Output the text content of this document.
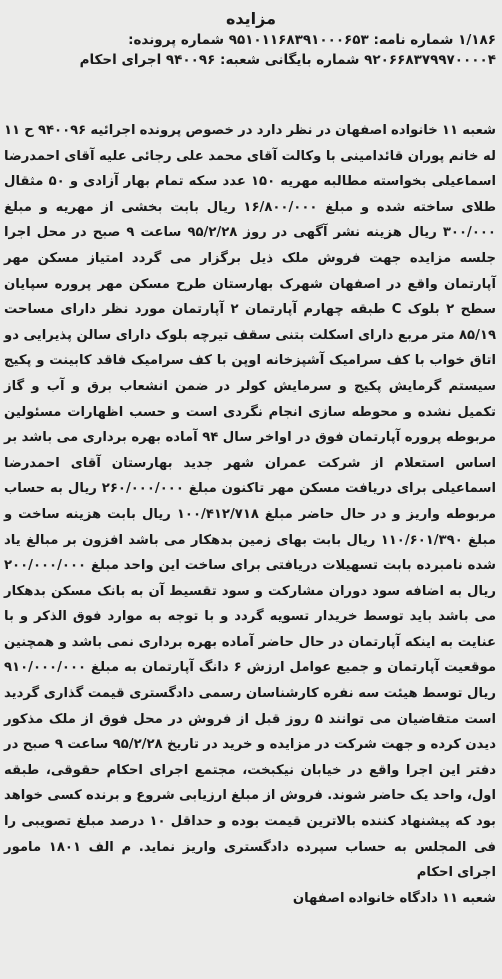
مزایده
۱/۱۸۶ شماره نامه: ۹۵۱۰۱۱۶۸۳۹۱۰۰۰۶۵۳ شماره پرونده:
۹۲۰۶۶۸۳۷۹۹۷۰۰۰۰۴ شماره بایگانی شعبه: ۹۴۰۰۹۶ اجرای احکام

شعبه ۱۱ خانواده اصفهان در نظر دارد در خصوص پرونده اجرائیه ۹۴۰۰۹۶ ح ۱۱ له خانم پوران قائدامینی با وکالت آقای محمد علی رجائی علیه آقای احمدرضا اسماعیلی بخواسته مطالبه مهریه ۱۵۰ عدد سکه تمام بهار آزادی و ۵۰ مثقال طلای ساخته شده و مبلغ ۱۶/۸۰۰/۰۰۰ ریال بابت بخشی از مهریه و مبلغ ۳۰۰/۰۰۰ ریال هزینه نشر آگهی در روز ۹۵/۲/۲۸ ساعت ۹ صبح در محل اجرا جلسه مزایده جهت فروش ملک ذیل برگزار می گردد امتیاز مسکن مهر آپارتمان واقع در اصفهان شهرک بهارستان طرح مسکن مهر پروره سپایان سطح ۲ بلوک C طبقه چهارم آپارتمان ۲ آپارتمان مورد نظر دارای مساحت ۸۵/۱۹ متر مربع دارای اسکلت بتنی سقف تیرچه بلوک دارای سالن پذیرایی دو اتاق خواب با کف سرامیک آشپزخانه اوپن با کف سرامیک فاقد کابینت و پکیج سیستم گرمایش پکیج و سرمایش کولر در ضمن انشعاب برق و آب و گاز تکمیل نشده و محوطه سازی انجام نگردی است و حسب اظهارات مسئولین مربوطه پروره آپارتمان فوق در اواخر سال ۹۴ آماده بهره برداری می باشد بر اساس استعلام از شرکت عمران شهر جدید بهارستان آقای احمدرضا اسماعیلی برای دریافت مسکن مهر تاکنون مبلغ ۲۶۰/۰۰۰/۰۰۰ ریال به حساب مربوطه واریز و در حال حاضر مبلغ ۱۰۰/۴۱۲/۷۱۸ ریال بابت هزینه ساخت و مبلغ ۱۱۰/۶۰۱/۳۹۰ ریال بابت بهای زمین بدهکار می باشد افزون بر مبالغ یاد شده نامبرده بابت تسهیلات دریافتی برای ساخت این واحد مبلغ ۲۰۰/۰۰۰/۰۰۰ ریال به اضافه سود دوران مشارکت و سود تقسیط آن به بانک مسکن بدهکار می باشد باید توسط خریدار تسویه گردد و با توجه به موارد فوق الذکر و با عنایت به اینکه آپارتمان در حال حاضر آماده بهره برداری نمی باشد و همچنین موقعیت آپارتمان و جمیع عوامل ارزش ۶ دانگ آپارتمان به مبلغ ۹۱۰/۰۰۰/۰۰۰ ریال توسط هیئت سه نفره کارشناسان رسمی دادگستری قیمت گذاری گردید است متقاضیان می توانند ۵ روز قبل از فروش در محل فوق از ملک مذکور دیدن کرده و جهت شرکت در مزایده و خرید در تاریخ ۹۵/۲/۲۸ ساعت ۹ صبح در دفتر این اجرا واقع در خیابان نیکبخت، مجتمع اجرای احکام حقوقی، طبقه اول، واحد یک حاضر شوند. فروش از مبلغ ارزیابی شروع و برنده کسی خواهد بود که پیشنهاد کننده بالاترین قیمت بوده و حداقل ۱۰ درصد مبلغ تصویبی را فی المجلس به حساب سپرده دادگستری واریز نماید. م الف ۱۸۰۱ مامور اجرای احکام

شعبه ۱۱ دادگاه خانواده اصفهان
